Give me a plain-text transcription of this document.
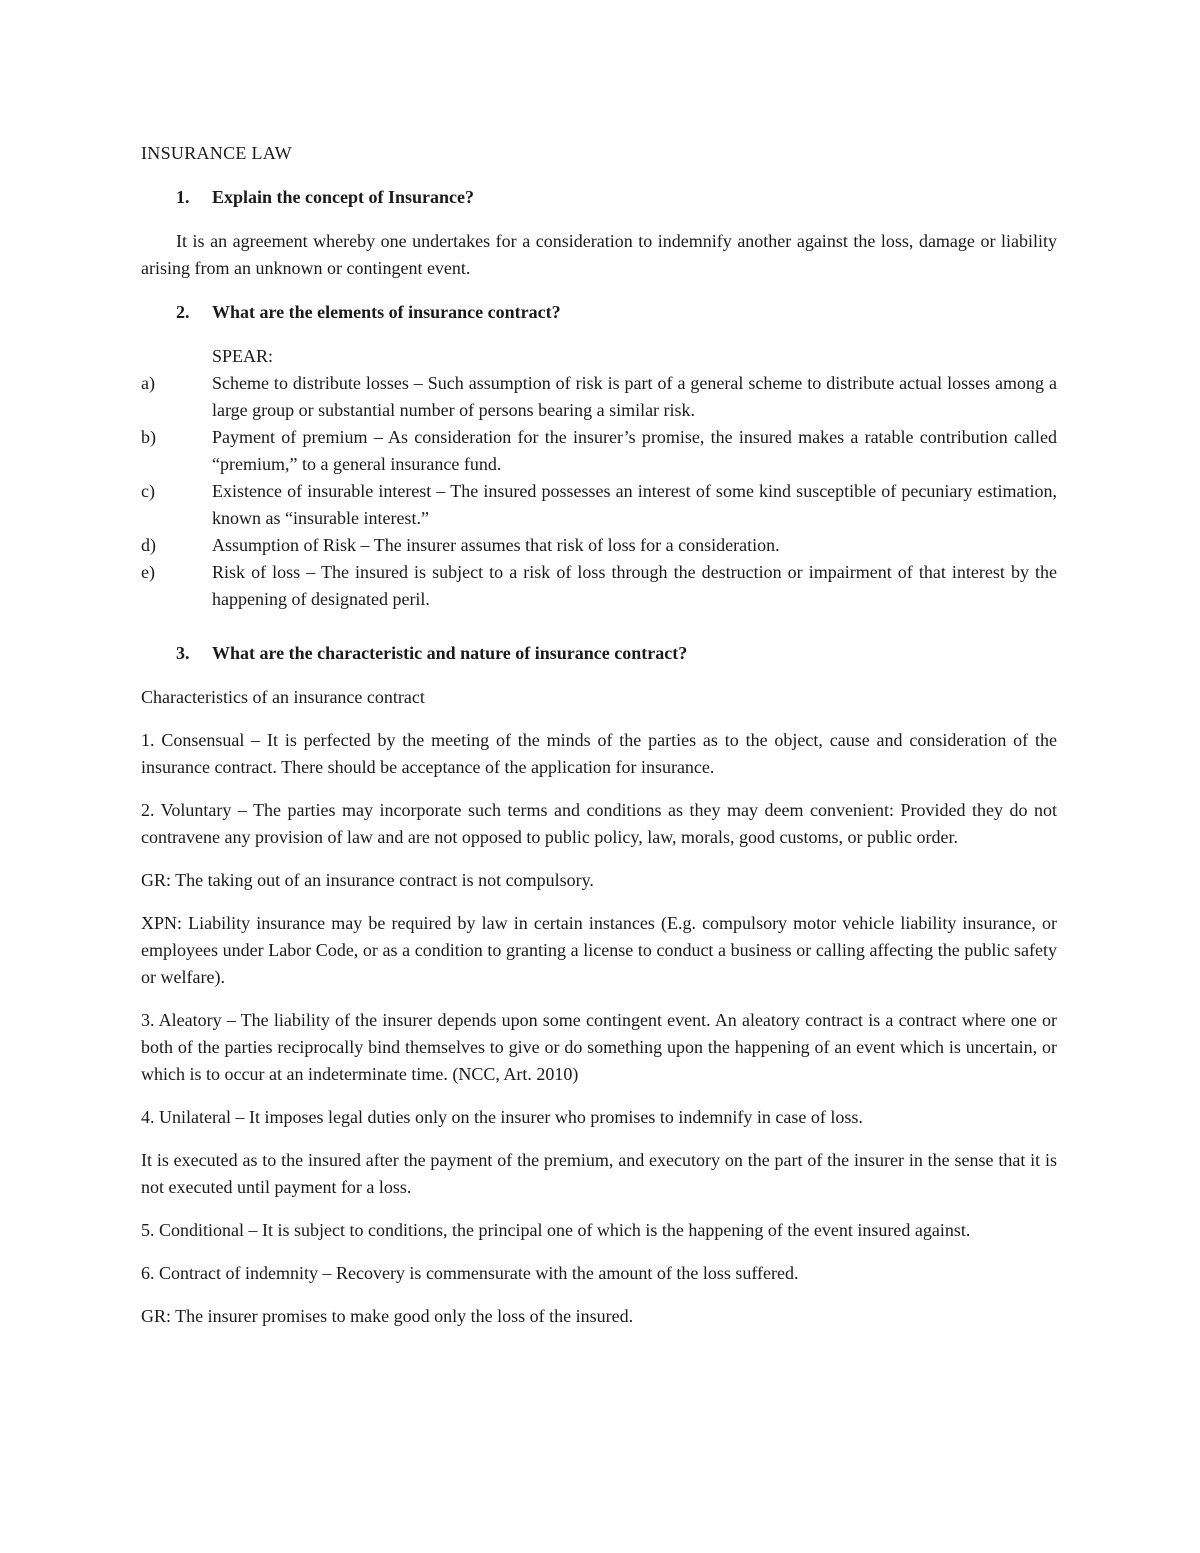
INSURANCE LAW
1.	Explain the concept of Insurance?

It is an agreement whereby one undertakes for a consideration to indemnify another against the loss, damage or liability arising from an unknown or contingent event.

2.	What are the elements of insurance contract?
SPEAR:
a)	Scheme to distribute losses – Such assumption of risk is part of a general scheme to distribute actual losses among a large group or substantial number of persons bearing a similar risk.
b)	Payment of premium – As consideration for the insurer’s promise, the insured makes a ratable contribution called “premium,” to a general insurance fund.
c)	Existence of insurable interest – The insured possesses an interest of some kind susceptible of pecuniary estimation, known as “insurable interest.”
d)	Assumption of Risk – The insurer assumes that risk of loss for a consideration.
e)	Risk of loss – The insured is subject to a risk of loss through the destruction or impairment of that interest by the happening of designated peril.
3.	What are the characteristic and nature of insurance contract?

Characteristics of an insurance contract

1. Consensual – It is perfected by the meeting of the minds of the parties as to the object, cause and consideration of the insurance contract. There should be acceptance of the application for insurance.

2. Voluntary – The parties may incorporate such terms and conditions as they may deem convenient: Provided they do not contravene any provision of law and are not opposed to public policy, law, morals, good customs, or public order.

GR: The taking out of an insurance contract is not compulsory.

XPN: Liability insurance may be required by law in certain instances (E.g. compulsory motor vehicle liability insurance, or employees under Labor Code, or as a condition to granting a license to conduct a business or calling affecting the public safety or welfare).

3. Aleatory – The liability of the insurer depends upon some contingent event. An aleatory contract is a contract where one or both of the parties reciprocally bind themselves to give or do something upon the happening of an event which is uncertain, or which is to occur at an indeterminate time. (NCC, Art. 2010)

4. Unilateral – It imposes legal duties only on the insurer who promises to indemnify in case of loss.

It is executed as to the insured after the payment of the premium, and executory on the part of the insurer in the sense that it is not executed until payment for a loss.

5. Conditional – It is subject to conditions, the principal one of which is the happening of the event insured against.

6. Contract of indemnity – Recovery is commensurate with the amount of the loss suffered.

GR: The insurer promises to make good only the loss of the insured.
